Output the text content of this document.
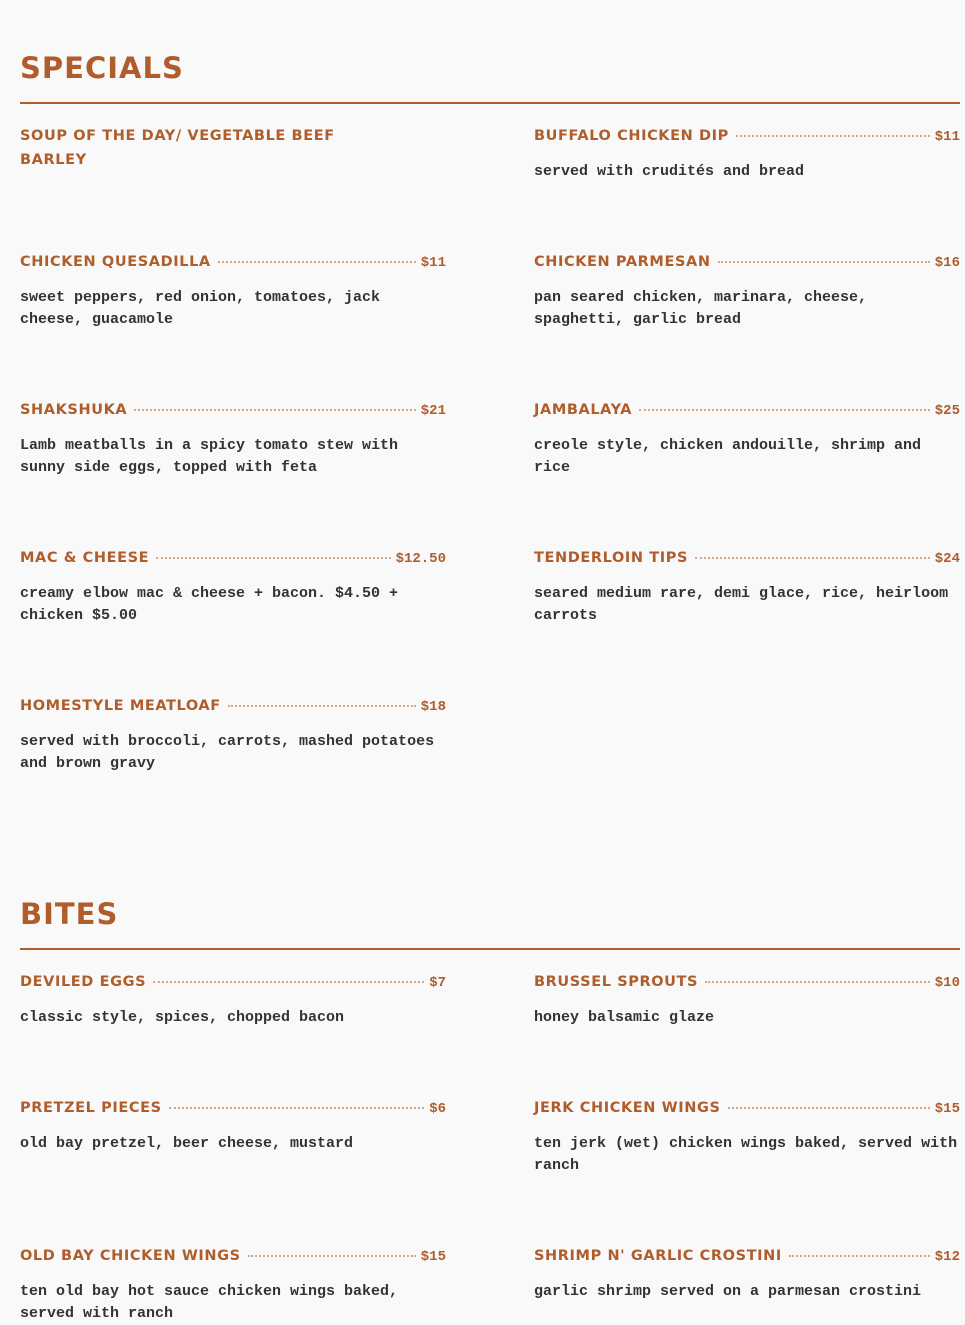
SPECIALS
SOUP OF THE DAY/ VEGETABLE BEEF BARLEY
BUFFALO CHICKEN DIP	$11
served with crudités and bread
CHICKEN QUESADILLA	$11
sweet peppers, red onion, tomatoes, jack cheese, guacamole
CHICKEN PARMESAN	$16
pan seared chicken, marinara, cheese, spaghetti, garlic bread
SHAKSHUKA	$21
Lamb meatballs in a spicy tomato stew with sunny side eggs, topped with feta
JAMBALAYA	$25
creole style, chicken andouille, shrimp and rice
MAC & CHEESE	$12.50
creamy elbow mac & cheese + bacon. $4.50 + chicken $5.00
TENDERLOIN TIPS	$24
seared medium rare, demi glace, rice, heirloom carrots
HOMESTYLE MEATLOAF	$18
served with broccoli, carrots, mashed potatoes and brown gravy
BITES
DEVILED EGGS	$7
classic style, spices, chopped bacon
BRUSSEL SPROUTS	$10
honey balsamic glaze
PRETZEL PIECES	$6
old bay pretzel, beer cheese, mustard
JERK CHICKEN WINGS	$15
ten jerk (wet) chicken wings baked, served with ranch
OLD BAY CHICKEN WINGS	$15
ten old bay hot sauce chicken wings baked, served with ranch
SHRIMP N' GARLIC CROSTINI	$12
garlic shrimp served on a parmesan crostini
